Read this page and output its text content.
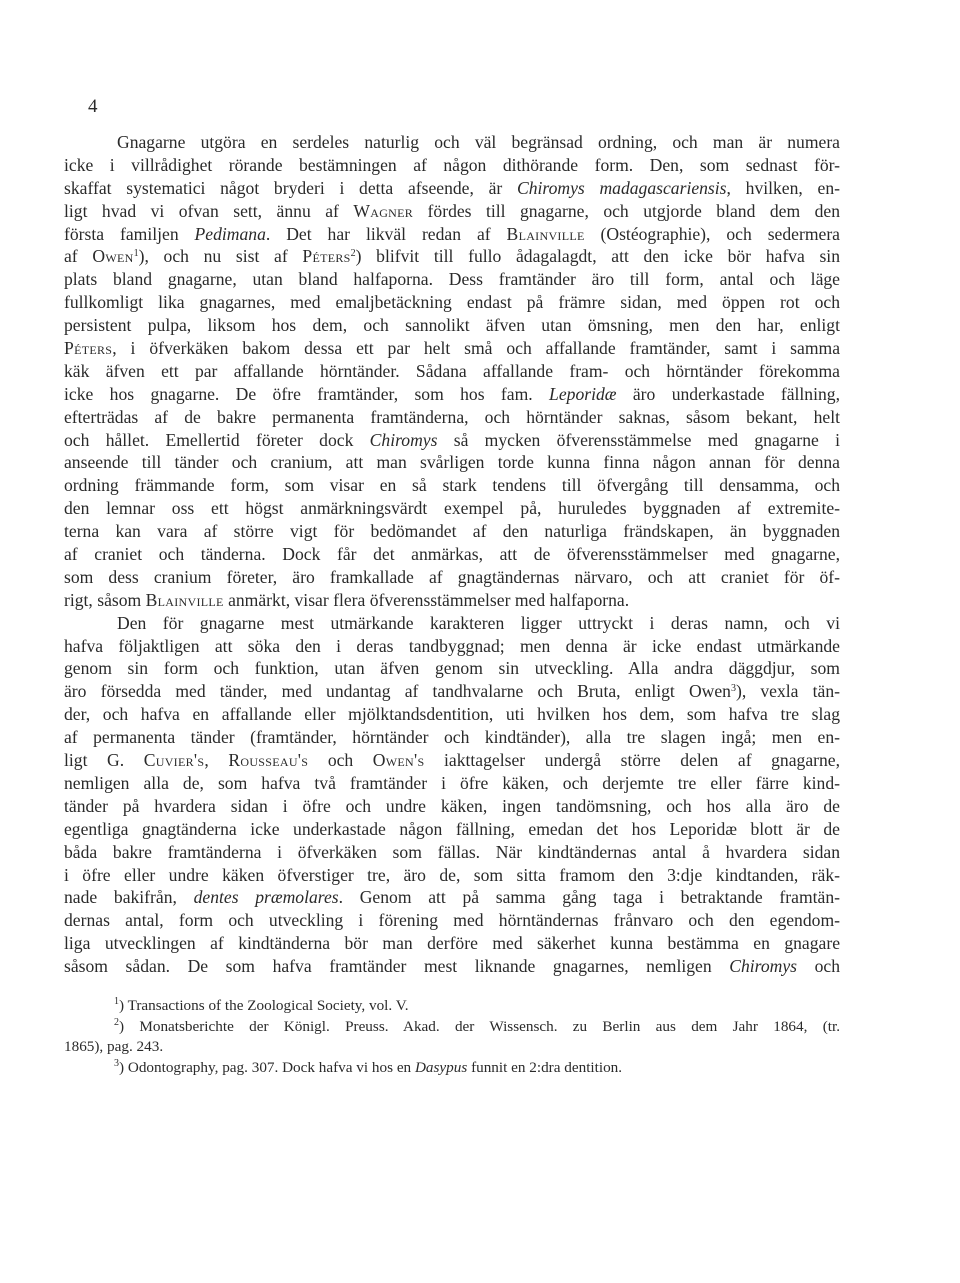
4
Gnagarne utgöra en serdeles naturlig och väl begränsad ordning, och man är numera
icke i villrådighet rörande bestämningen af någon dithörande form. Den, som sednast för-
skaffat systematici något bryderi i detta afseende, är Chiromys madagascariensis, hvilken, en-
ligt hvad vi ofvan sett, ännu af Wagner fördes till gnagarne, och utgjorde bland dem den
första familjen Pedimana. Det har likväl redan af Blainville (Ostéographie), och sedermera
af Owen$^1$), och nu sist af Péters$^2$) blifvit till fullo ådagalagdt, att den icke bör hafva sin
plats bland gnagarne, utan bland halfaporna. Dess framtänder äro till form, antal och läge
fullkomligt lika gnagarnes, med emaljbetäckning endast på främre sidan, med öppen rot och
persistent pulpa, liksom hos dem, och sannolikt äfven utan ömsning, men den har, enligt
Péters, i öfverkäken bakom dessa ett par helt små och affallande framtänder, samt i samma
käk äfven ett par affallande hörntänder. Sådana affallande fram- och hörntänder förekomma
icke hos gnagarne. De öfre framtänder, som hos fam. Leporidæ äro underkastade fällning,
efterträdas af de bakre permanenta framtänderna, och hörntänder saknas, såsom bekant, helt
och hållet. Emellertid företer dock Chiromys så mycken öfverensstämmelse med gnagarne i
anseende till tänder och cranium, att man svårligen torde kunna finna någon annan för denna
ordning främmande form, som visar en så stark tendens till öfvergång till densamma, och
den lemnar oss ett högst anmärkningsvärdt exempel på, huruledes byggnaden af extremite-
terna kan vara af större vigt för bedömandet af den naturliga frändskapen, än byggnaden
af craniet och tänderna. Dock får det anmärkas, att de öfverensstämmelser med gnagarne,
som dess cranium företer, äro framkallade af gnagtändernas närvaro, och att craniet för öf-
rigt, såsom Blainville anmärkt, visar flera öfverensstämmelser med halfaporna.
Den för gnagarne mest utmärkande karakteren ligger uttryckt i deras namn, och vi
hafva följaktligen att söka den i deras tandbyggnad; men denna är icke endast utmärkande
genom sin form och funktion, utan äfven genom sin utveckling. Alla andra däggdjur, som
äro försedda med tänder, med undantag af tandhvalarne och Bruta, enligt Owen$^3$), vexla tän-
der, och hafva en affallande eller mjölktandsdentition, uti hvilken hos dem, som hafva tre slag
af permanenta tänder (framtänder, hörntänder och kindtänder), alla tre slagen ingå; men en-
ligt G. Cuvier's, Rousseau's och Owen's iakttagelser undergå större delen af gnagarne,
nemligen alla de, som hafva två framtänder i öfre käken, och derjemte tre eller färre kind-
tänder på hvardera sidan i öfre och undre käken, ingen tandömsning, och hos alla äro de
egentliga gnagtänderna icke underkastade någon fällning, emedan det hos Leporidæ blott är de
båda bakre framtänderna i öfverkäken som fällas. När kindtändernas antal å hvardera sidan
i öfre eller undre käken öfverstiger tre, äro de, som sitta framom den 3:dje kindtanden, räk-
nade bakifrån, dentes præmolares. Genom att på samma gång taga i betraktande framtän-
dernas antal, form och utveckling i förening med hörntändernas frånvaro och den egendom-
liga utvecklingen af kindtänderna bör man derföre med säkerhet kunna bestämma en gnagare
såsom sådan. De som hafva framtänder mest liknande gnagarnes, nemligen Chiromys och
$^1$) Transactions of the Zoological Society, vol. V.
$^2$) Monatsberichte der Königl. Preuss. Akad. der Wissensch. zu Berlin aus dem Jahr 1864, (tr.
1865), pag. 243.
$^3$) Odontography, pag. 307. Dock hafva vi hos en Dasypus funnit en 2:dra dentition.
